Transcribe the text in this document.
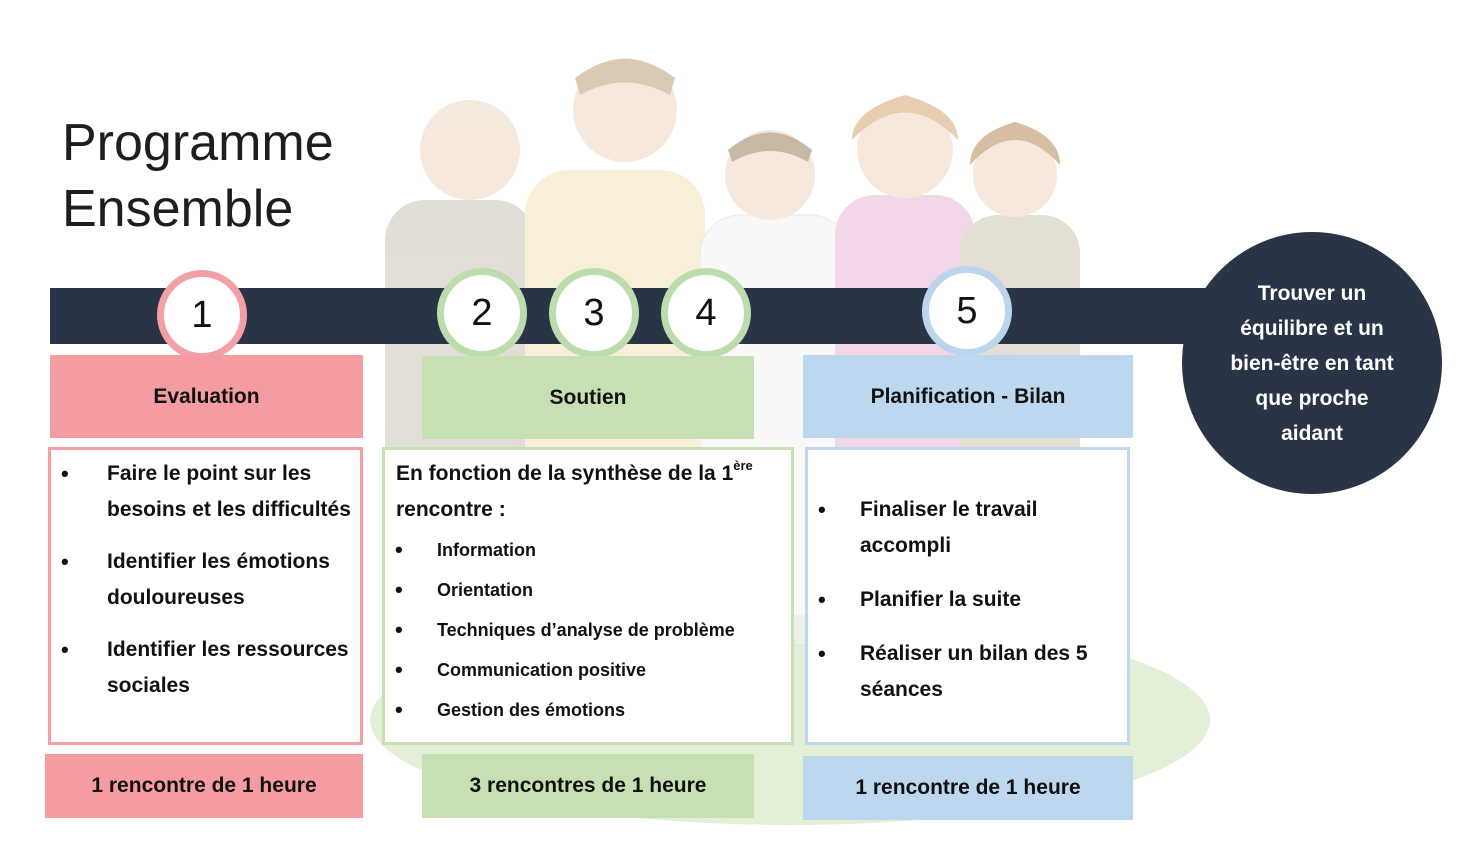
Programme
Ensemble
Trouver un équilibre et un bien-être en tant que proche aidant
1	2	3	4	5
Evaluation	Soutien	Planification - Bilan
• Faire le point sur les besoins et les difficultés
• Identifier les émotions douloureuses
• Identifier les ressources sociales
En fonction de la synthèse de la 1ère
rencontre :
• Information
• Orientation
• Techniques d’analyse de problème
• Communication positive
• Gestion des émotions
• Finaliser le travail accompli
• Planifier la suite
• Réaliser un bilan des 5 séances
1 rencontre de 1 heure	3 rencontres de 1 heure	1 rencontre de 1 heure
